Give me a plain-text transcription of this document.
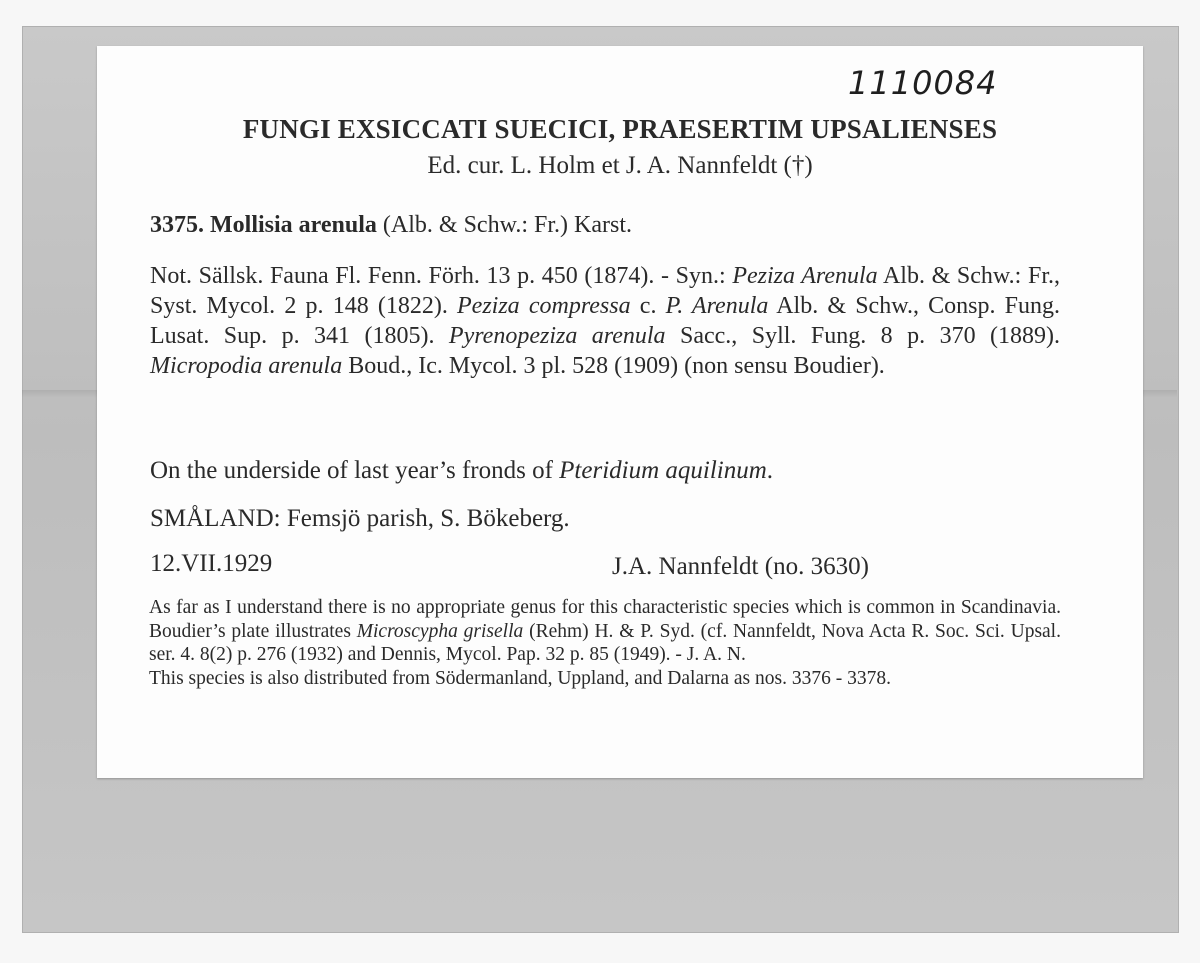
1110084
FUNGI EXSICCATI SUECICI, PRAESERTIM UPSALIENSES
Ed. cur. L. Holm et J. A. Nannfeldt (†)
3375. Mollisia arenula (Alb. & Schw.: Fr.) Karst.
Not. Sällsk. Fauna Fl. Fenn. Förh. 13 p. 450 (1874). - Syn.: Peziza Arenula Alb. & Schw.: Fr., Syst. Mycol. 2 p. 148 (1822). Peziza compressa c. P. Arenula Alb. & Schw., Consp. Fung. Lusat. Sup. p. 341 (1805). Pyrenopeziza arenula Sacc., Syll. Fung. 8 p. 370 (1889). Micropodia arenula Boud., Ic. Mycol. 3 pl. 528 (1909) (non sensu Boudier).
On the underside of last year’s fronds of Pteridium aquilinum.
SMÅLAND: Femsjö parish, S. Bökeberg.
12.VII.1929	J.A. Nannfeldt (no. 3630)
As far as I understand there is no appropriate genus for this characteristic species which is common in Scandinavia. Boudier’s plate illustrates Microscypha grisella (Rehm) H. & P. Syd. (cf. Nannfeldt, Nova Acta R. Soc. Sci. Upsal. ser. 4. 8(2) p. 276 (1932) and Dennis, Mycol. Pap. 32 p. 85 (1949). - J. A. N.
This species is also distributed from Södermanland, Uppland, and Dalarna as nos. 3376 - 3378.
